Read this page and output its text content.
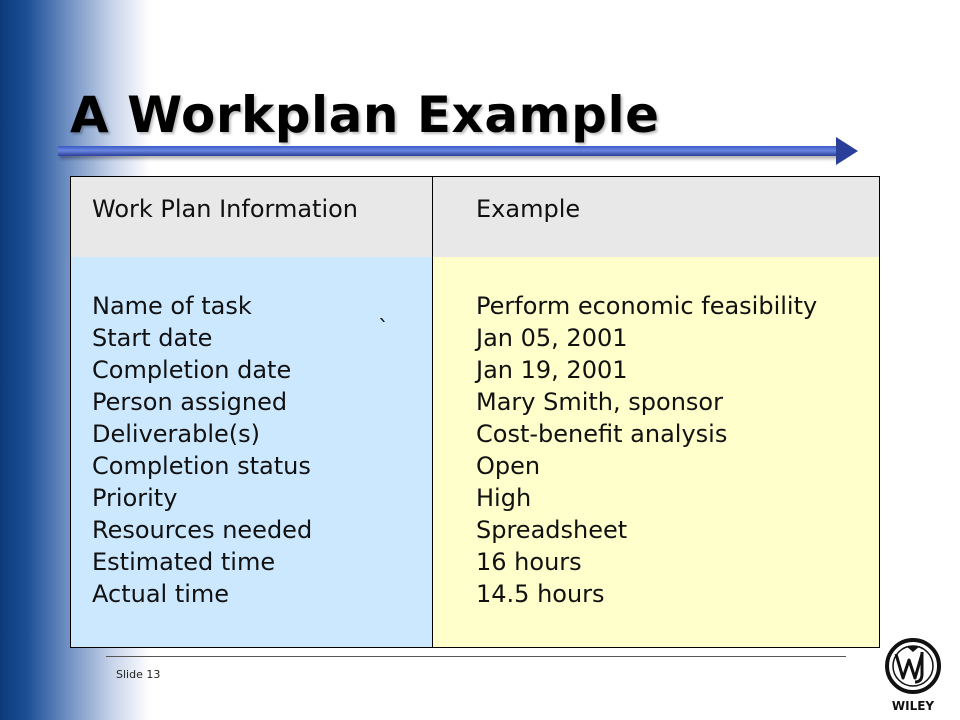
A Workplan Example
Work Plan Information	Example
Name of task
Start date
Completion date
Person assigned
Deliverable(s)
Completion status
Priority
Resources needed
Estimated time
Actual time
`
Perform economic feasibility
Jan 05, 2001
Jan 19, 2001
Mary Smith, sponsor
Cost-benefit analysis
Open
High
Spreadsheet
16 hours
14.5 hours
Slide 13
WILEY
